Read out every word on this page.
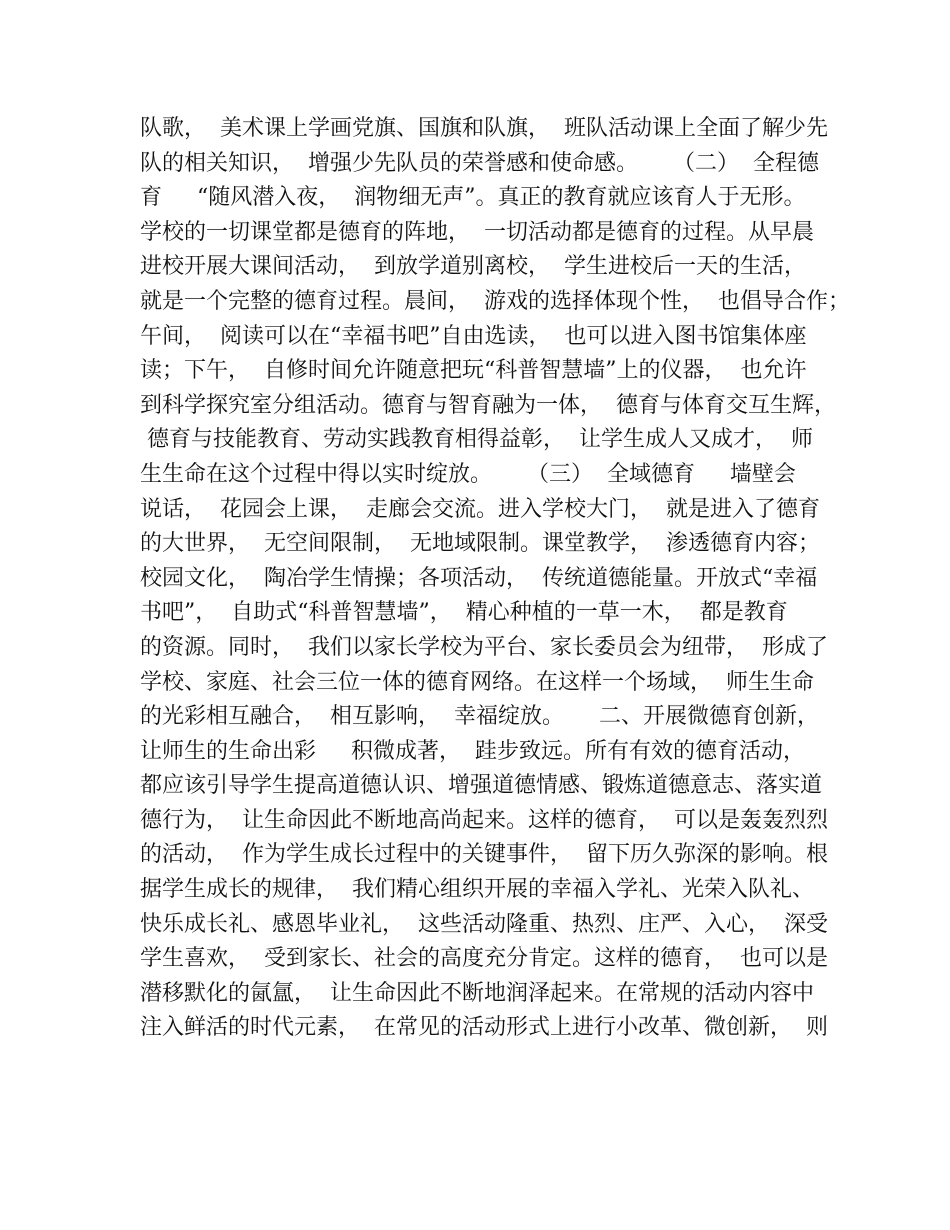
队歌，  美术课上学画党旗、国旗和队旗，  班队活动课上全面了解少先
队的相关知识，  增强少先队员的荣誉感和使命感。     （二）  全程德
育     “随风潜入夜，  润物细无声”。真正的教育就应该育人于无形。
学校的一切课堂都是德育的阵地，  一切活动都是德育的过程。从早晨
进校开展大课间活动，  到放学道别离校，  学生进校后一天的生活，
就是一个完整的德育过程。晨间，  游戏的选择体现个性，  也倡导合作；
午间，  阅读可以在“幸福书吧”自由选读，  也可以进入图书馆集体座
读；下午，  自修时间允许随意把玩“科普智慧墙”上的仪器，  也允许
到科学探究室分组活动。德育与智育融为一体，  德育与体育交互生辉，
德育与技能教育、劳动实践教育相得益彰，  让学生成人又成才，  师
生生命在这个过程中得以实时绽放。     （三）  全域德育     墙壁会
说话，  花园会上课，  走廊会交流。进入学校大门，  就是进入了德育
的大世界，  无空间限制，  无地域限制。课堂教学，  渗透德育内容；
校园文化，  陶冶学生情操；各项活动，  传统道德能量。开放式“幸福
书吧”，  自助式“科普智慧墙”，  精心种植的一草一木，  都是教育
的资源。同时，  我们以家长学校为平台、家长委员会为纽带，  形成了
学校、家庭、社会三位一体的德育网络。在这样一个场域，  师生生命
的光彩相互融合，  相互影响，  幸福绽放。     二、开展微德育创新，
让师生的生命出彩     积微成著，  跬步致远。所有有效的德育活动，
都应该引导学生提高道德认识、增强道德情感、锻炼道德意志、落实道
德行为，  让生命因此不断地高尚起来。这样的德育，  可以是轰轰烈烈
的活动，  作为学生成长过程中的关键事件，  留下历久弥深的影响。根
据学生成长的规律，  我们精心组织开展的幸福入学礼、光荣入队礼、
快乐成长礼、感恩毕业礼，  这些活动隆重、热烈、庄严、入心，  深受
学生喜欢，  受到家长、社会的高度充分肯定。这样的德育，  也可以是
潜移默化的氤氲，  让生命因此不断地润泽起来。在常规的活动内容中
注入鲜活的时代元素，  在常见的活动形式上进行小改革、微创新，  则
